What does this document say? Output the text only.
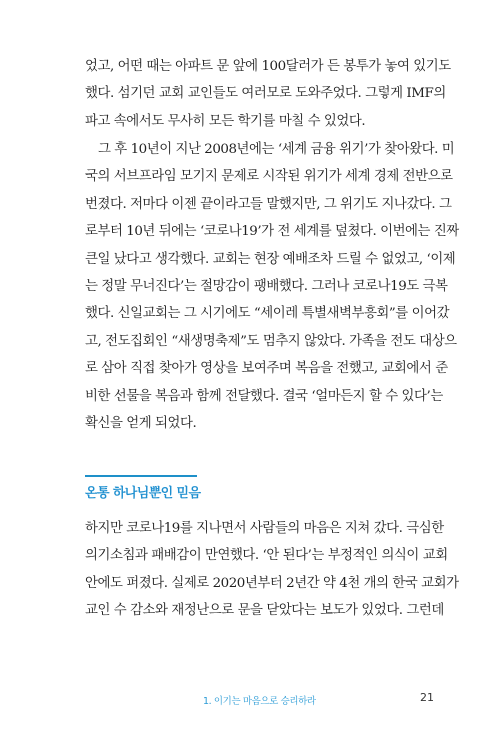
었고, 어떤 때는 아파트 문 앞에 100달러가 든 봉투가 놓여 있기도
했다. 섬기던 교회 교인들도 여러모로 도와주었다. 그렇게 IMF의
파고 속에서도 무사히 모든 학기를 마칠 수 있었다.
그 후 10년이 지난 2008년에는 ‘세계 금융 위기’가 찾아왔다. 미
국의 서브프라임 모기지 문제로 시작된 위기가 세계 경제 전반으로
번졌다. 저마다 이젠 끝이라고들 말했지만, 그 위기도 지나갔다. 그
로부터 10년 뒤에는 ‘코로나19’가 전 세계를 덮쳤다. 이번에는 진짜
큰일 났다고 생각했다. 교회는 현장 예배조차 드릴 수 없었고, ‘이제
는 정말 무너진다’는 절망감이 팽배했다. 그러나 코로나19도 극복
했다. 신일교회는 그 시기에도 “세이레 특별새벽부흥회”를 이어갔
고, 전도집회인 “새생명축제”도 멈추지 않았다. 가족을 전도 대상으
로 삼아 직접 찾아가 영상을 보여주며 복음을 전했고, 교회에서 준
비한 선물을 복음과 함께 전달했다. 결국 ‘얼마든지 할 수 있다’는
확신을 얻게 되었다.
온통 하나님뿐인 믿음
하지만 코로나19를 지나면서 사람들의 마음은 지쳐 갔다. 극심한
의기소침과 패배감이 만연했다. ‘안 된다’는 부정적인 의식이 교회
안에도 퍼졌다. 실제로 2020년부터 2년간 약 4천 개의 한국 교회가
교인 수 감소와 재정난으로 문을 닫았다는 보도가 있었다. 그런데
1. 이기는 마음으로 승리하라	21
